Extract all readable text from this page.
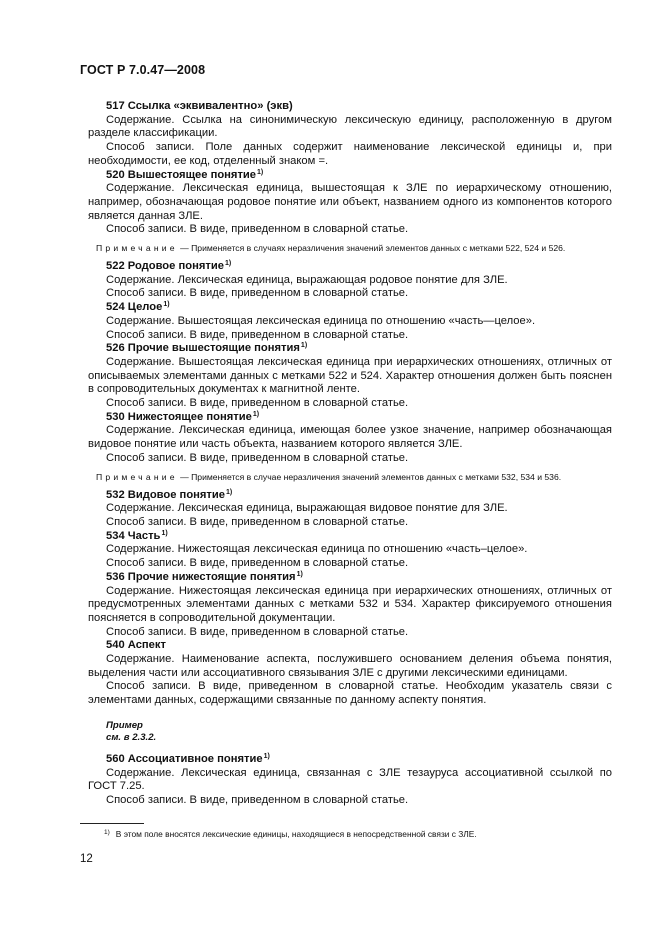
ГОСТ Р 7.0.47—2008

517 Ссылка «эквивалентно» (экв)

Содержание. Ссылка на синонимическую лексическую единицу, расположенную в другом разделе классификации.

Способ записи. Поле данных содержит наименование лексической единицы и, при необходимости, ее код, отделенный знаком =.

520 Вышестоящее понятие$^{1)}$

Содержание. Лексическая единица, вышестоящая к ЗЛЕ по иерархическому отношению, например, обозначающая родовое понятие или объект, названием одного из компонентов которого является данная ЗЛЕ.

Способ записи. В виде, приведенном в словарной статье.

Примечание — Применяется в случаях неразличения значений элементов данных с метками 522, 524 и 526.

522 Родовое понятие$^{1)}$

Содержание. Лексическая единица, выражающая родовое понятие для ЗЛЕ.

Способ записи. В виде, приведенном в словарной статье.

524 Целое$^{1)}$

Содержание. Вышестоящая лексическая единица по отношению «часть—целое».

Способ записи. В виде, приведенном в словарной статье.

526 Прочие вышестоящие понятия$^{1)}$

Содержание. Вышестоящая лексическая единица при иерархических отношениях, отличных от описываемых элементами данных с метками 522 и 524. Характер отношения должен быть пояснен в сопроводительных документах к магнитной ленте.

Способ записи. В виде, приведенном в словарной статье.

530 Нижестоящее понятие$^{1)}$

Содержание. Лексическая единица, имеющая более узкое значение, например обозначающая видовое понятие или часть объекта, названием которого является ЗЛЕ.

Способ записи. В виде, приведенном в словарной статье.

Примечание — Применяется в случае неразличения значений элементов данных с метками 532, 534 и 536.

532 Видовое понятие$^{1)}$

Содержание. Лексическая единица, выражающая видовое понятие для ЗЛЕ.

Способ записи. В виде, приведенном в словарной статье.

534 Часть$^{1)}$

Содержание. Нижестоящая лексическая единица по отношению «часть–целое».

Способ записи. В виде, приведенном в словарной статье.

536 Прочие нижестоящие понятия$^{1)}$

Содержание. Нижестоящая лексическая единица при иерархических отношениях, отличных от предусмотренных элементами данных с метками 532 и 534. Характер фиксируемого отношения поясняется в сопроводительной документации.

Способ записи. В виде, приведенном в словарной статье.

540 Аспект

Содержание. Наименование аспекта, послужившего основанием деления объема понятия, выделения части или ассоциативного связывания ЗЛЕ с другими лексическими единицами.

Способ записи. В виде, приведенном в словарной статье. Необходим указатель связи с элементами данных, содержащими связанные по данному аспекту понятия.

Пример
см. в 2.3.2.

560 Ассоциативное понятие$^{1)}$

Содержание. Лексическая единица, связанная с ЗЛЕ тезауруса ассоциативной ссылкой по ГОСТ 7.25.

Способ записи. В виде, приведенном в словарной статье.

$^{1)}$ В этом поле вносятся лексические единицы, находящиеся в непосредственной связи с ЗЛЕ.
12
